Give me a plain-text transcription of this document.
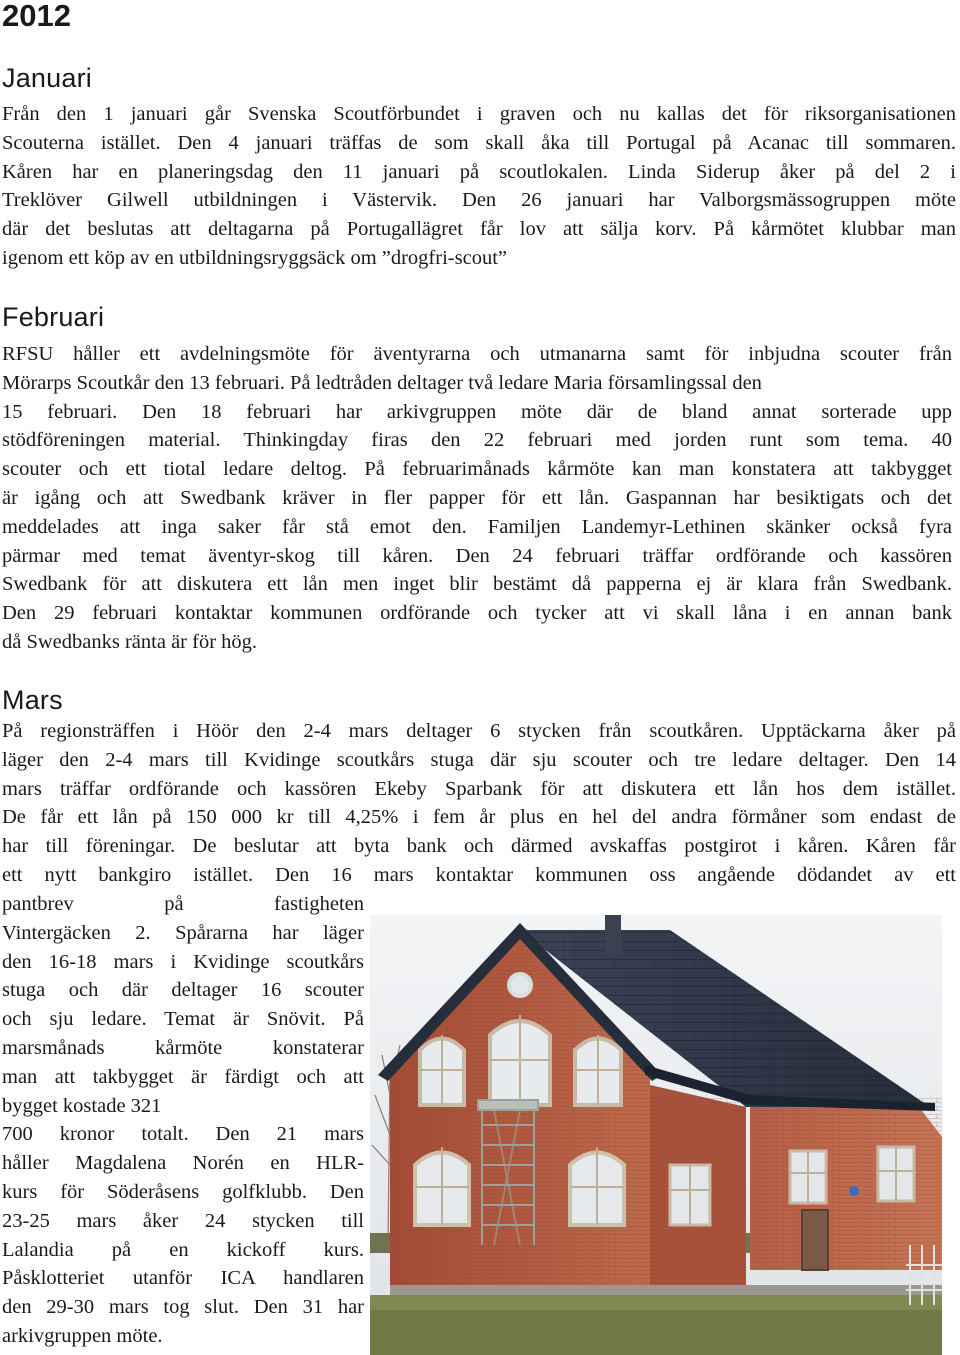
2012
Januari
Från den 1 januari går Svenska Scoutförbundet i graven och nu kallas det för riksorganisationen
Scouterna istället. Den 4 januari träffas de som skall åka till Portugal på Acanac till sommaren.
Kåren har en planeringsdag den 11 januari på scoutlokalen. Linda Siderup åker på del 2 i
Treklöver Gilwell utbildningen i Västervik. Den 26 januari har Valborgsmässogruppen möte
där det beslutas att deltagarna på Portugallägret får lov att sälja korv. På kårmötet klubbar man
igenom ett köp av en utbildningsryggsäck om ”drogfri-scout”
Februari
RFSU håller ett avdelningsmöte för äventyrarna och utmanarna samt för inbjudna scouter från
Mörarps Scoutkår den 13 februari. På ledtråden deltager två ledare Maria församlingssal den
15 februari. Den 18 februari har arkivgruppen möte där de bland annat sorterade upp
stödföreningen material. Thinkingday firas den 22 februari med jorden runt som tema. 40
scouter och ett tiotal ledare deltog. På februarimånads kårmöte kan man konstatera att takbygget
är igång och att Swedbank kräver in fler papper för ett lån. Gaspannan har besiktigats och det
meddelades att inga saker får stå emot den. Familjen Landemyr-Lethinen skänker också fyra
pärmar med temat äventyr-skog till kåren. Den 24 februari träffar ordförande och kassören
Swedbank för att diskutera ett lån men inget blir bestämt då papperna ej är klara från Swedbank.
Den 29 februari kontaktar kommunen ordförande och tycker att vi skall låna i en annan bank
då Swedbanks ränta är för hög.
Mars
På regionsträffen i Höör den 2-4 mars deltager 6 stycken från scoutkåren. Upptäckarna åker på
läger den 2-4 mars till Kvidinge scoutkårs stuga där sju scouter och tre ledare deltager. Den 14
mars träffar ordförande och kassören Ekeby Sparbank för att diskutera ett lån hos dem istället.
De får ett lån på 150 000 kr till 4,25% i fem år plus en hel del andra förmåner som endast de
har till föreningar. De beslutar att byta bank och därmed avskaffas postgirot i kåren. Kåren får
ett nytt bankgiro istället. Den 16 mars kontaktar kommunen oss angående dödandet av ett
pantbrev på fastigheten
Vintergäcken 2. Spårarna har läger
den 16-18 mars i Kvidinge scoutkårs
stuga och där deltager 16 scouter
och sju ledare. Temat är Snövit. På
marsmånads kårmöte konstaterar
man att takbygget är färdigt och att
bygget kostade 321
700 kronor totalt. Den 21 mars
håller Magdalena Norén en HLR-
kurs för Söderåsens golfklubb. Den
23-25 mars åker 24 stycken till
Lalandia på en kickoff kurs.
Påsklotteriet utanför ICA handlaren
den 29-30 mars tog slut. Den 31 har
arkivgruppen möte.
